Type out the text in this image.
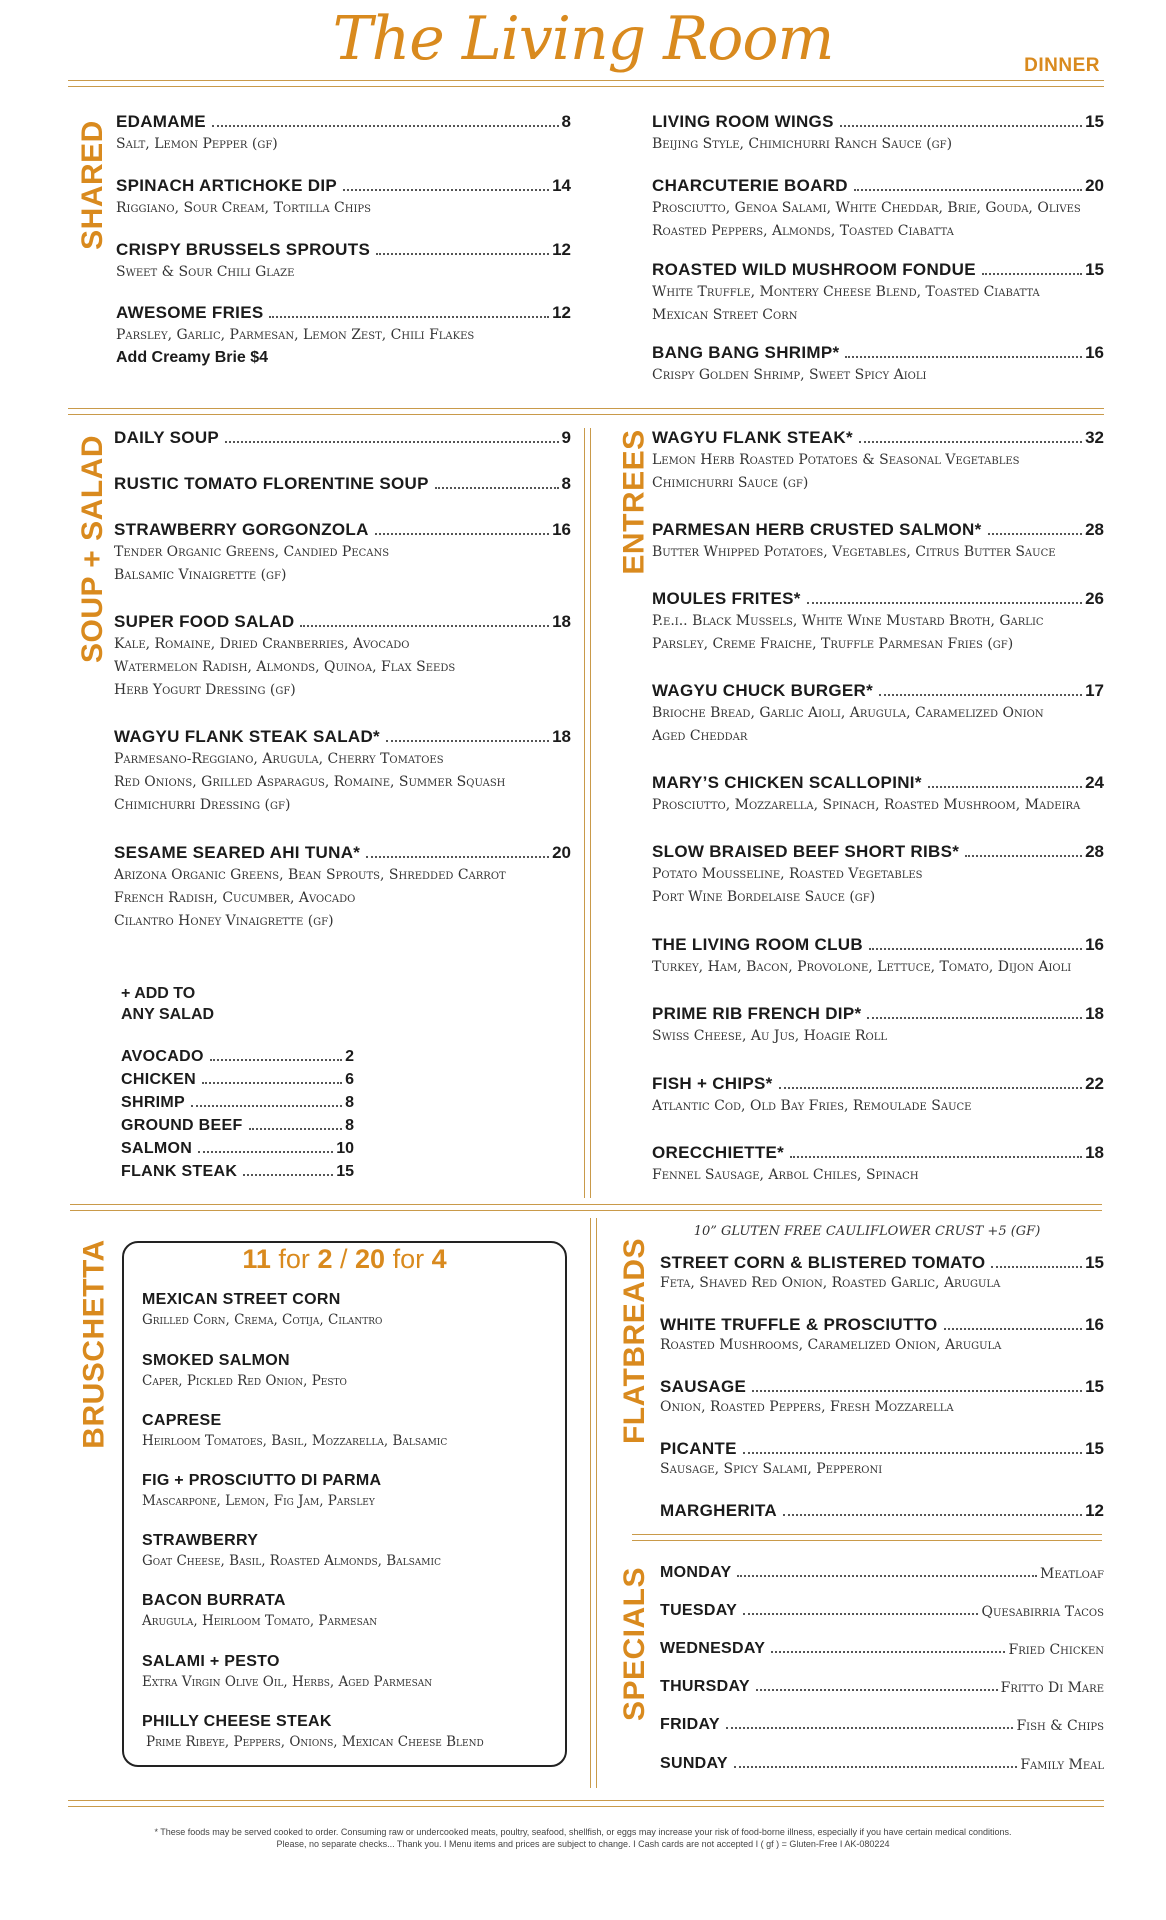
The Living Room	DINNER
SHARED
SOUP + SALAD	ENTREES
BRUSCHETTA	FLATBREADS
SPECIALS
EDAMAME	8
Salt, Lemon Pepper (gf)
SPINACH ARTICHOKE DIP	14
Riggiano, Sour Cream, Tortilla Chips
CRISPY BRUSSELS SPROUTS	12
Sweet & Sour Chili Glaze
AWESOME FRIES	12
Parsley, Garlic, Parmesan, Lemon Zest, Chili Flakes
Add Creamy Brie $4
LIVING ROOM WINGS	15
Beijing Style, Chimichurri Ranch Sauce (gf)
CHARCUTERIE BOARD	20
Prosciutto, Genoa Salami, White Cheddar, Brie, Gouda, Olives
Roasted Peppers, Almonds, Toasted Ciabatta
ROASTED WILD MUSHROOM FONDUE	15
White Truffle, Montery Cheese Blend, Toasted Ciabatta
Mexican Street Corn
BANG BANG SHRIMP*	16
Crispy Golden Shrimp, Sweet Spicy Aioli
DAILY SOUP	9
RUSTIC TOMATO FLORENTINE SOUP	8
STRAWBERRY GORGONZOLA	16
Tender Organic Greens, Candied Pecans
Balsamic Vinaigrette (gf)
SUPER FOOD SALAD	18
Kale, Romaine, Dried Cranberries, Avocado
Watermelon Radish, Almonds, Quinoa, Flax Seeds
Herb Yogurt Dressing (gf)
WAGYU FLANK STEAK SALAD*	18
Parmesano-Reggiano, Arugula, Cherry Tomatoes
Red Onions, Grilled Asparagus, Romaine, Summer Squash
Chimichurri Dressing (gf)
SESAME SEARED AHI TUNA*	20
Arizona Organic Greens, Bean Sprouts, Shredded Carrot
French Radish, Cucumber, Avocado
Cilantro Honey Vinaigrette (gf)
+ ADD TO
ANY SALAD
AVOCADO	2
CHICKEN	6
SHRIMP	8
GROUND BEEF	8
SALMON	10
FLANK STEAK	15
WAGYU FLANK STEAK*	32
Lemon Herb Roasted Potatoes & Seasonal Vegetables
Chimichurri Sauce (gf)
PARMESAN HERB CRUSTED SALMON*	28
Butter Whipped Potatoes, Vegetables, Citrus Butter Sauce
MOULES FRITES*	26
P.e.i.. Black Mussels, White Wine Mustard Broth, Garlic
Parsley, Creme Fraiche, Truffle Parmesan Fries (gf)
WAGYU CHUCK BURGER*	17
Brioche Bread, Garlic Aioli, Arugula, Caramelized Onion
Aged Cheddar
MARY’S CHICKEN SCALLOPINI*	24
Prosciutto, Mozzarella, Spinach, Roasted Mushroom, Madeira
SLOW BRAISED BEEF SHORT RIBS*	28
Potato Mousseline, Roasted Vegetables
Port Wine Bordelaise Sauce (gf)
THE LIVING ROOM CLUB	16
Turkey, Ham, Bacon, Provolone, Lettuce, Tomato, Dijon Aioli
PRIME RIB FRENCH DIP*	18
Swiss Cheese, Au Jus, Hoagie Roll
FISH + CHIPS*	22
Atlantic Cod, Old Bay Fries, Remoulade Sauce
ORECCHIETTE*	18
Fennel Sausage, Arbol Chiles, Spinach
11 for 2 / 20 for 4
MEXICAN STREET CORN
Grilled Corn, Crema, Cotija, Cilantro
SMOKED SALMON
Caper, Pickled Red Onion, Pesto
CAPRESE
Heirloom Tomatoes, Basil, Mozzarella, Balsamic
FIG + PROSCIUTTO DI PARMA
Mascarpone, Lemon, Fig Jam, Parsley
STRAWBERRY
Goat Cheese, Basil, Roasted Almonds, Balsamic
BACON BURRATA
Arugula, Heirloom Tomato, Parmesan
SALAMI + PESTO
Extra Virgin Olive Oil, Herbs, Aged Parmesan
PHILLY CHEESE STEAK
Prime Ribeye, Peppers, Onions, Mexican Cheese Blend
10” GLUTEN FREE CAULIFLOWER CRUST +5 (GF)
STREET CORN & BLISTERED TOMATO	15
Feta, Shaved Red Onion, Roasted Garlic, Arugula
WHITE TRUFFLE & PROSCIUTTO	16
Roasted Mushrooms, Caramelized Onion, Arugula
SAUSAGE	15
Onion, Roasted Peppers, Fresh Mozzarella
PICANTE	15
Sausage, Spicy Salami, Pepperoni
MARGHERITA	12
MONDAY	Meatloaf
TUESDAY	Quesabirria Tacos
WEDNESDAY	Fried Chicken
THURSDAY	Fritto Di Mare
FRIDAY	Fish & Chips
SUNDAY	Family Meal
* These foods may be served cooked to order. Consuming raw or undercooked meats, poultry, seafood, shellfish, or eggs may increase your risk of food-borne illness, especially if you have certain medical conditions.
Please, no separate checks... Thank you. I Menu items and prices are subject to change. I Cash cards are not accepted I ( gf ) = Gluten-Free I AK-080224
